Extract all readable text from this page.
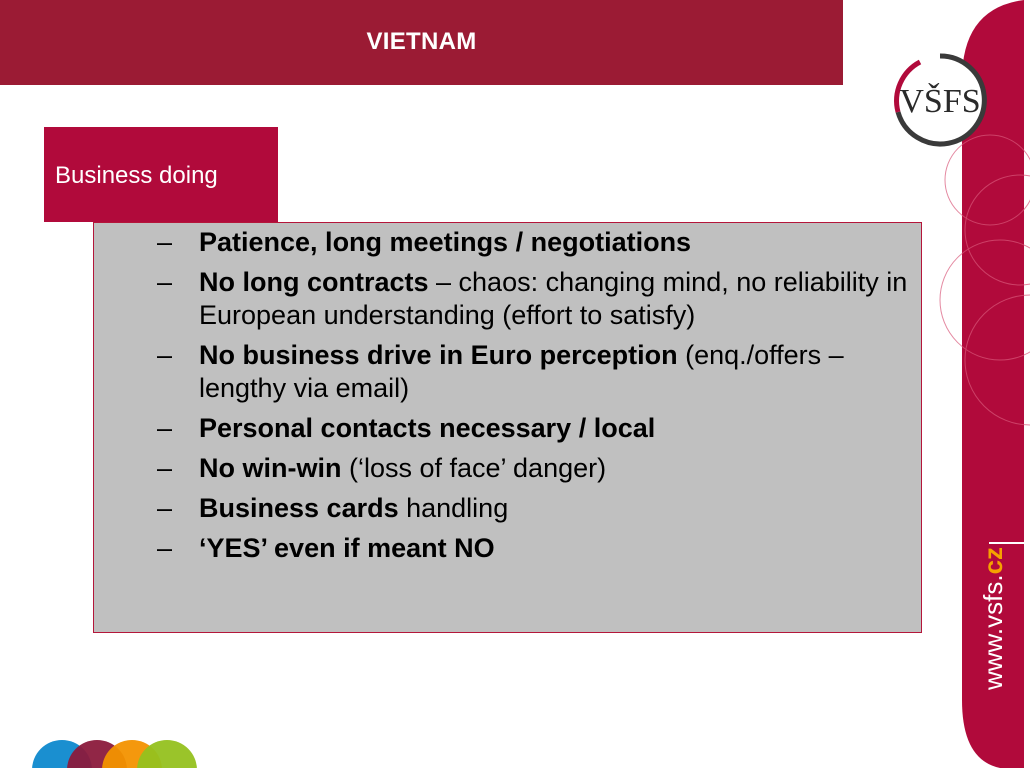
VIETNAM
Business doing
– Patience, long meetings / negotiations
– No long contracts – chaos: changing mind, no reliability in European understanding (effort to satisfy)
– No business drive in Euro perception (enq./offers – lengthy via email)
– Personal contacts necessary / local
– No win-win (‘loss of face’ danger)
– Business cards handling
– ‘YES’ even if meant NO
www.vsfs.cz
VŠFS
